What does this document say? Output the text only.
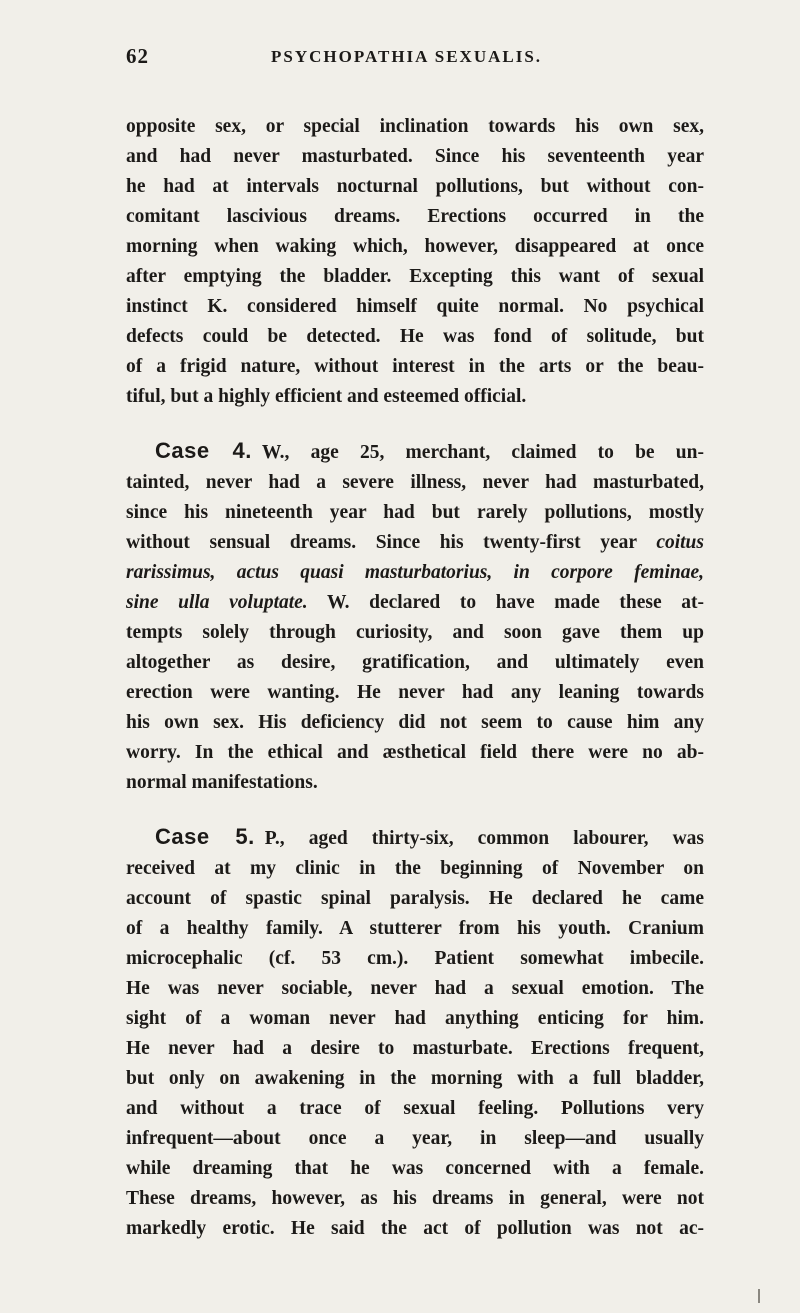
62	PSYCHOPATHIA SEXUALIS.
opposite sex, or special inclination towards his own sex,
and had never masturbated. Since his seventeenth year
he had at intervals nocturnal pollutions, but without con-
comitant lascivious dreams. Erections occurred in the
morning when waking which, however, disappeared at once
after emptying the bladder. Excepting this want of sexual
instinct K. considered himself quite normal. No psychical
defects could be detected. He was fond of solitude, but
of a frigid nature, without interest in the arts or the beau-
tiful, but a highly efficient and esteemed official.
Case 4. W., age 25, merchant, claimed to be un-
tainted, never had a severe illness, never had masturbated,
since his nineteenth year had but rarely pollutions, mostly
without sensual dreams. Since his twenty-first year coitus
rarissimus, actus quasi masturbatorius, in corpore feminae,
sine ulla voluptate. W. declared to have made these at-
tempts solely through curiosity, and soon gave them up
altogether as desire, gratification, and ultimately even
erection were wanting. He never had any leaning towards
his own sex. His deficiency did not seem to cause him any
worry. In the ethical and æsthetical field there were no ab-
normal manifestations.
Case 5. P., aged thirty-six, common labourer, was
received at my clinic in the beginning of November on
account of spastic spinal paralysis. He declared he came
of a healthy family. A stutterer from his youth. Cranium
microcephalic (cf. 53 cm.). Patient somewhat imbecile.
He was never sociable, never had a sexual emotion. The
sight of a woman never had anything enticing for him.
He never had a desire to masturbate. Erections frequent,
but only on awakening in the morning with a full bladder,
and without a trace of sexual feeling. Pollutions very
infrequent—about once a year, in sleep—and usually
while dreaming that he was concerned with a female.
These dreams, however, as his dreams in general, were not
markedly erotic. He said the act of pollution was not ac-
